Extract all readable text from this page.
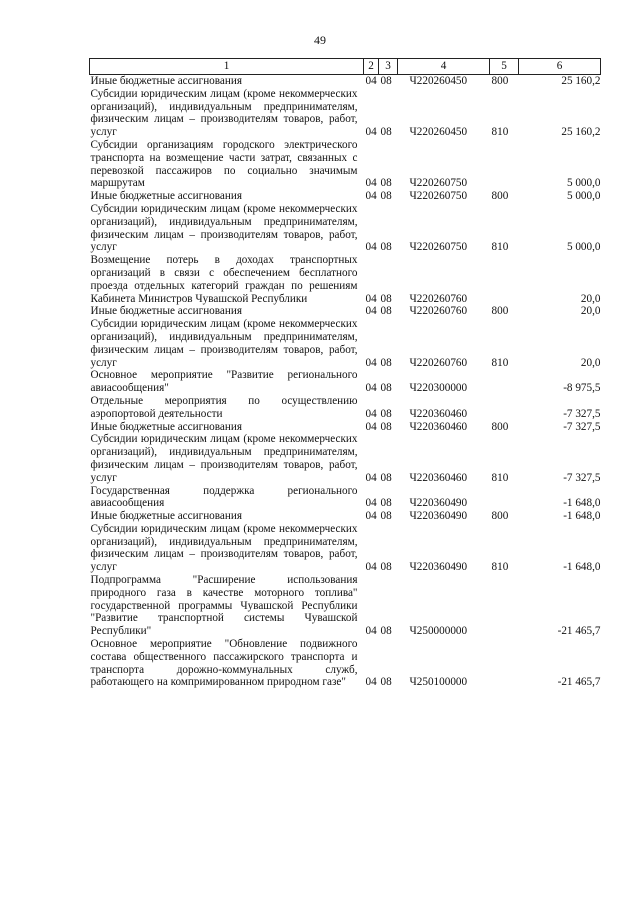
49
1	2	3	4	5	6
Иные бюджетные ассигнования	04	08	Ч220260450	800	25 160,2
Субсидии юридическим лицам (кроме некоммерческих организаций), индивидуальным предпринимателям, физическим лицам – производителям товаров, работ, услуг	04	08	Ч220260450	810	25 160,2
Субсидии организациям городского электрического транспорта на возмещение части затрат, связанных с перевозкой пассажиров по социально значимым маршрутам	04	08	Ч220260750		5 000,0
Иные бюджетные ассигнования	04	08	Ч220260750	800	5 000,0
Субсидии юридическим лицам (кроме некоммерческих организаций), индивидуальным предпринимателям, физическим лицам – производителям товаров, работ, услуг	04	08	Ч220260750	810	5 000,0
Возмещение потерь в доходах транспортных организаций в связи с обеспечением бесплатного проезда отдельных категорий граждан по решениям Кабинета Министров Чувашской Республики	04	08	Ч220260760		20,0
Иные бюджетные ассигнования	04	08	Ч220260760	800	20,0
Субсидии юридическим лицам (кроме некоммерческих организаций), индивидуальным предпринимателям, физическим лицам – производителям товаров, работ, услуг	04	08	Ч220260760	810	20,0
Основное мероприятие "Развитие регионального авиасообщения"	04	08	Ч220300000		-8 975,5
Отдельные мероприятия по осуществлению аэропортовой деятельности	04	08	Ч220360460		-7 327,5
Иные бюджетные ассигнования	04	08	Ч220360460	800	-7 327,5
Субсидии юридическим лицам (кроме некоммерческих организаций), индивидуальным предпринимателям, физическим лицам – производителям товаров, работ, услуг	04	08	Ч220360460	810	-7 327,5
Государственная поддержка регионального авиасообщения	04	08	Ч220360490		-1 648,0
Иные бюджетные ассигнования	04	08	Ч220360490	800	-1 648,0
Субсидии юридическим лицам (кроме некоммерческих организаций), индивидуальным предпринимателям, физическим лицам – производителям товаров, работ, услуг	04	08	Ч220360490	810	-1 648,0
Подпрограмма "Расширение использования природного газа в качестве моторного топлива" государственной программы Чувашской Республики "Развитие транспортной системы Чувашской Республики"	04	08	Ч250000000		-21 465,7
Основное мероприятие "Обновление подвижного состава общественного пассажирского транспорта и транспорта дорожно-коммунальных служб, работающего на компримированном природном газе"	04	08	Ч250100000		-21 465,7
